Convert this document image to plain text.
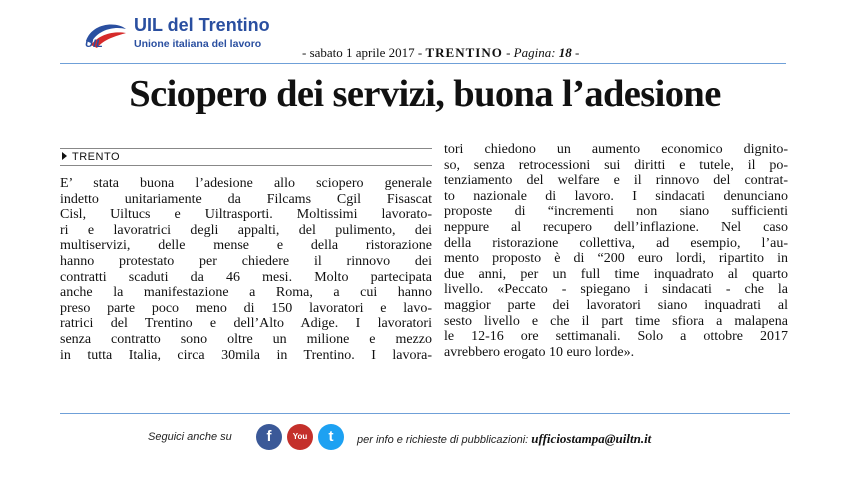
UIL
UIL del Trentino
Unione italiana del lavoro
- sabato 1 aprile 2017 - TRENTINO - Pagina: 18 -
Sciopero dei servizi, buona l’adesione
TRENTO
E’ stata buona l’adesione allo sciopero generale
indetto unitariamente da Filcams Cgil Fisascat
Cisl, Uiltucs e Uiltrasporti. Moltissimi lavorato-
ri e lavoratrici degli appalti, del pulimento, dei
multiservizi, delle mense e della ristorazione
hanno protestato per chiedere il rinnovo dei
contratti scaduti da 46 mesi. Molto partecipata
anche la manifestazione a Roma, a cui hanno
preso parte poco meno di 150 lavoratori e lavo-
ratrici del Trentino e dell’Alto Adige. I lavoratori
senza contratto sono oltre un milione e mezzo
in tutta Italia, circa 30mila in Trentino. I lavora-
tori chiedono un aumento economico dignito-
so, senza retrocessioni sui diritti e tutele, il po-
tenziamento del welfare e il rinnovo del contrat-
to nazionale di lavoro. I sindacati denunciano
proposte di “incrementi non siano sufficienti
neppure al recupero dell’inflazione. Nel caso
della ristorazione collettiva, ad esempio, l’au-
mento proposto è di “200 euro lordi, ripartito in
due anni, per un full time inquadrato al quarto
livello. «Peccato - spiegano i sindacati - che la
maggior parte dei lavoratori siano inquadrati al
sesto livello e che il part time sfiora a malapena
le 12-16 ore settimanali. Solo a ottobre 2017
avrebbero erogato 10 euro lorde».
Seguici anche su	f	You Tube
t	per info e richieste di pubblicazioni: ufficiostampa@uiltn.it
